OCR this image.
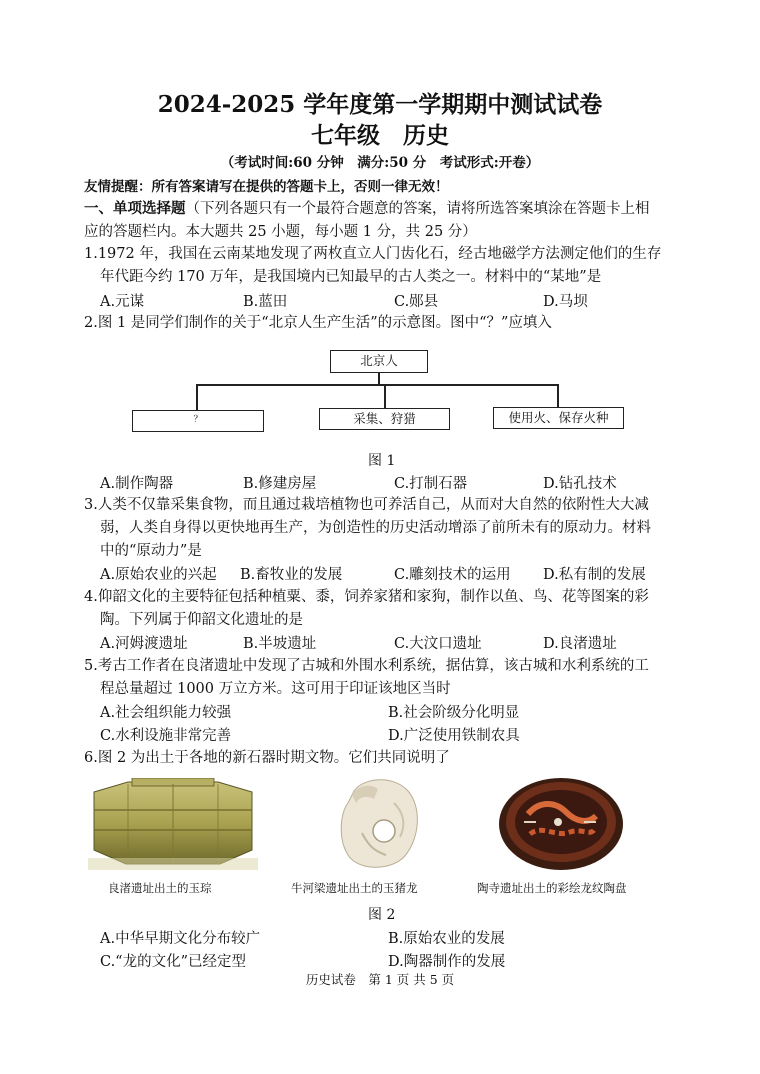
2024-2025 学年度第一学期期中测试试卷
七年级　历史
（考试时间:60 分钟　满分:50 分　考试形式:开卷）
友情提醒：所有答案请写在提供的答题卡上，否则一律无效！
一、单项选择题（下列各题只有一个最符合题意的答案，请将所选答案填涂在答题卡上相
应的答题栏内。本大题共 25 小题，每小题 1 分，共 25 分）
1.1972 年，我国在云南某地发现了两枚直立人门齿化石，经古地磁学方法测定他们的生存
年代距今约 170 万年，是我国境内已知最早的古人类之一。材料中的“某地”是
A.元谋	B.蓝田	C.郧县	D.马坝
2.图 1 是同学们制作的关于“北京人生产生活”的示意图。图中“？”应填入
北京人
？	采集、狩猎	使用火、保存火种
图 1
A.制作陶器	B.修建房屋	C.打制石器	D.钻孔技术
3.人类不仅靠采集食物，而且通过栽培植物也可养活自己，从而对大自然的依附性大大减
弱，人类自身得以更快地再生产，为创造性的历史活动增添了前所未有的原动力。材料
中的“原动力”是
A.原始农业的兴起 B.畜牧业的发展	C.雕刻技术的运用 D.私有制的发展
4.仰韶文化的主要特征包括种植粟、黍，饲养家猪和家狗，制作以鱼、鸟、花等图案的彩
陶。下列属于仰韶文化遗址的是
A.河姆渡遗址	B.半坡遗址	C.大汶口遗址	D.良渚遗址
5.考古工作者在良渚遗址中发现了古城和外围水利系统，据估算，该古城和水利系统的工
程总量超过 1000 万立方米。这可用于印证该地区当时
A.社会组织能力较强	B.社会阶级分化明显
C.水利设施非常完善	D.广泛使用铁制农具
6.图 2 为出土于各地的新石器时期文物。它们共同说明了
良渚遗址出土的玉琮	牛河梁遗址出土的玉猪龙	陶寺遗址出土的彩绘龙纹陶盘
图 2
A.中华早期文化分布较广	B.原始农业的发展
C.“龙的文化”已经定型	D.陶器制作的发展
历史试卷　第 1 页 共 5 页
